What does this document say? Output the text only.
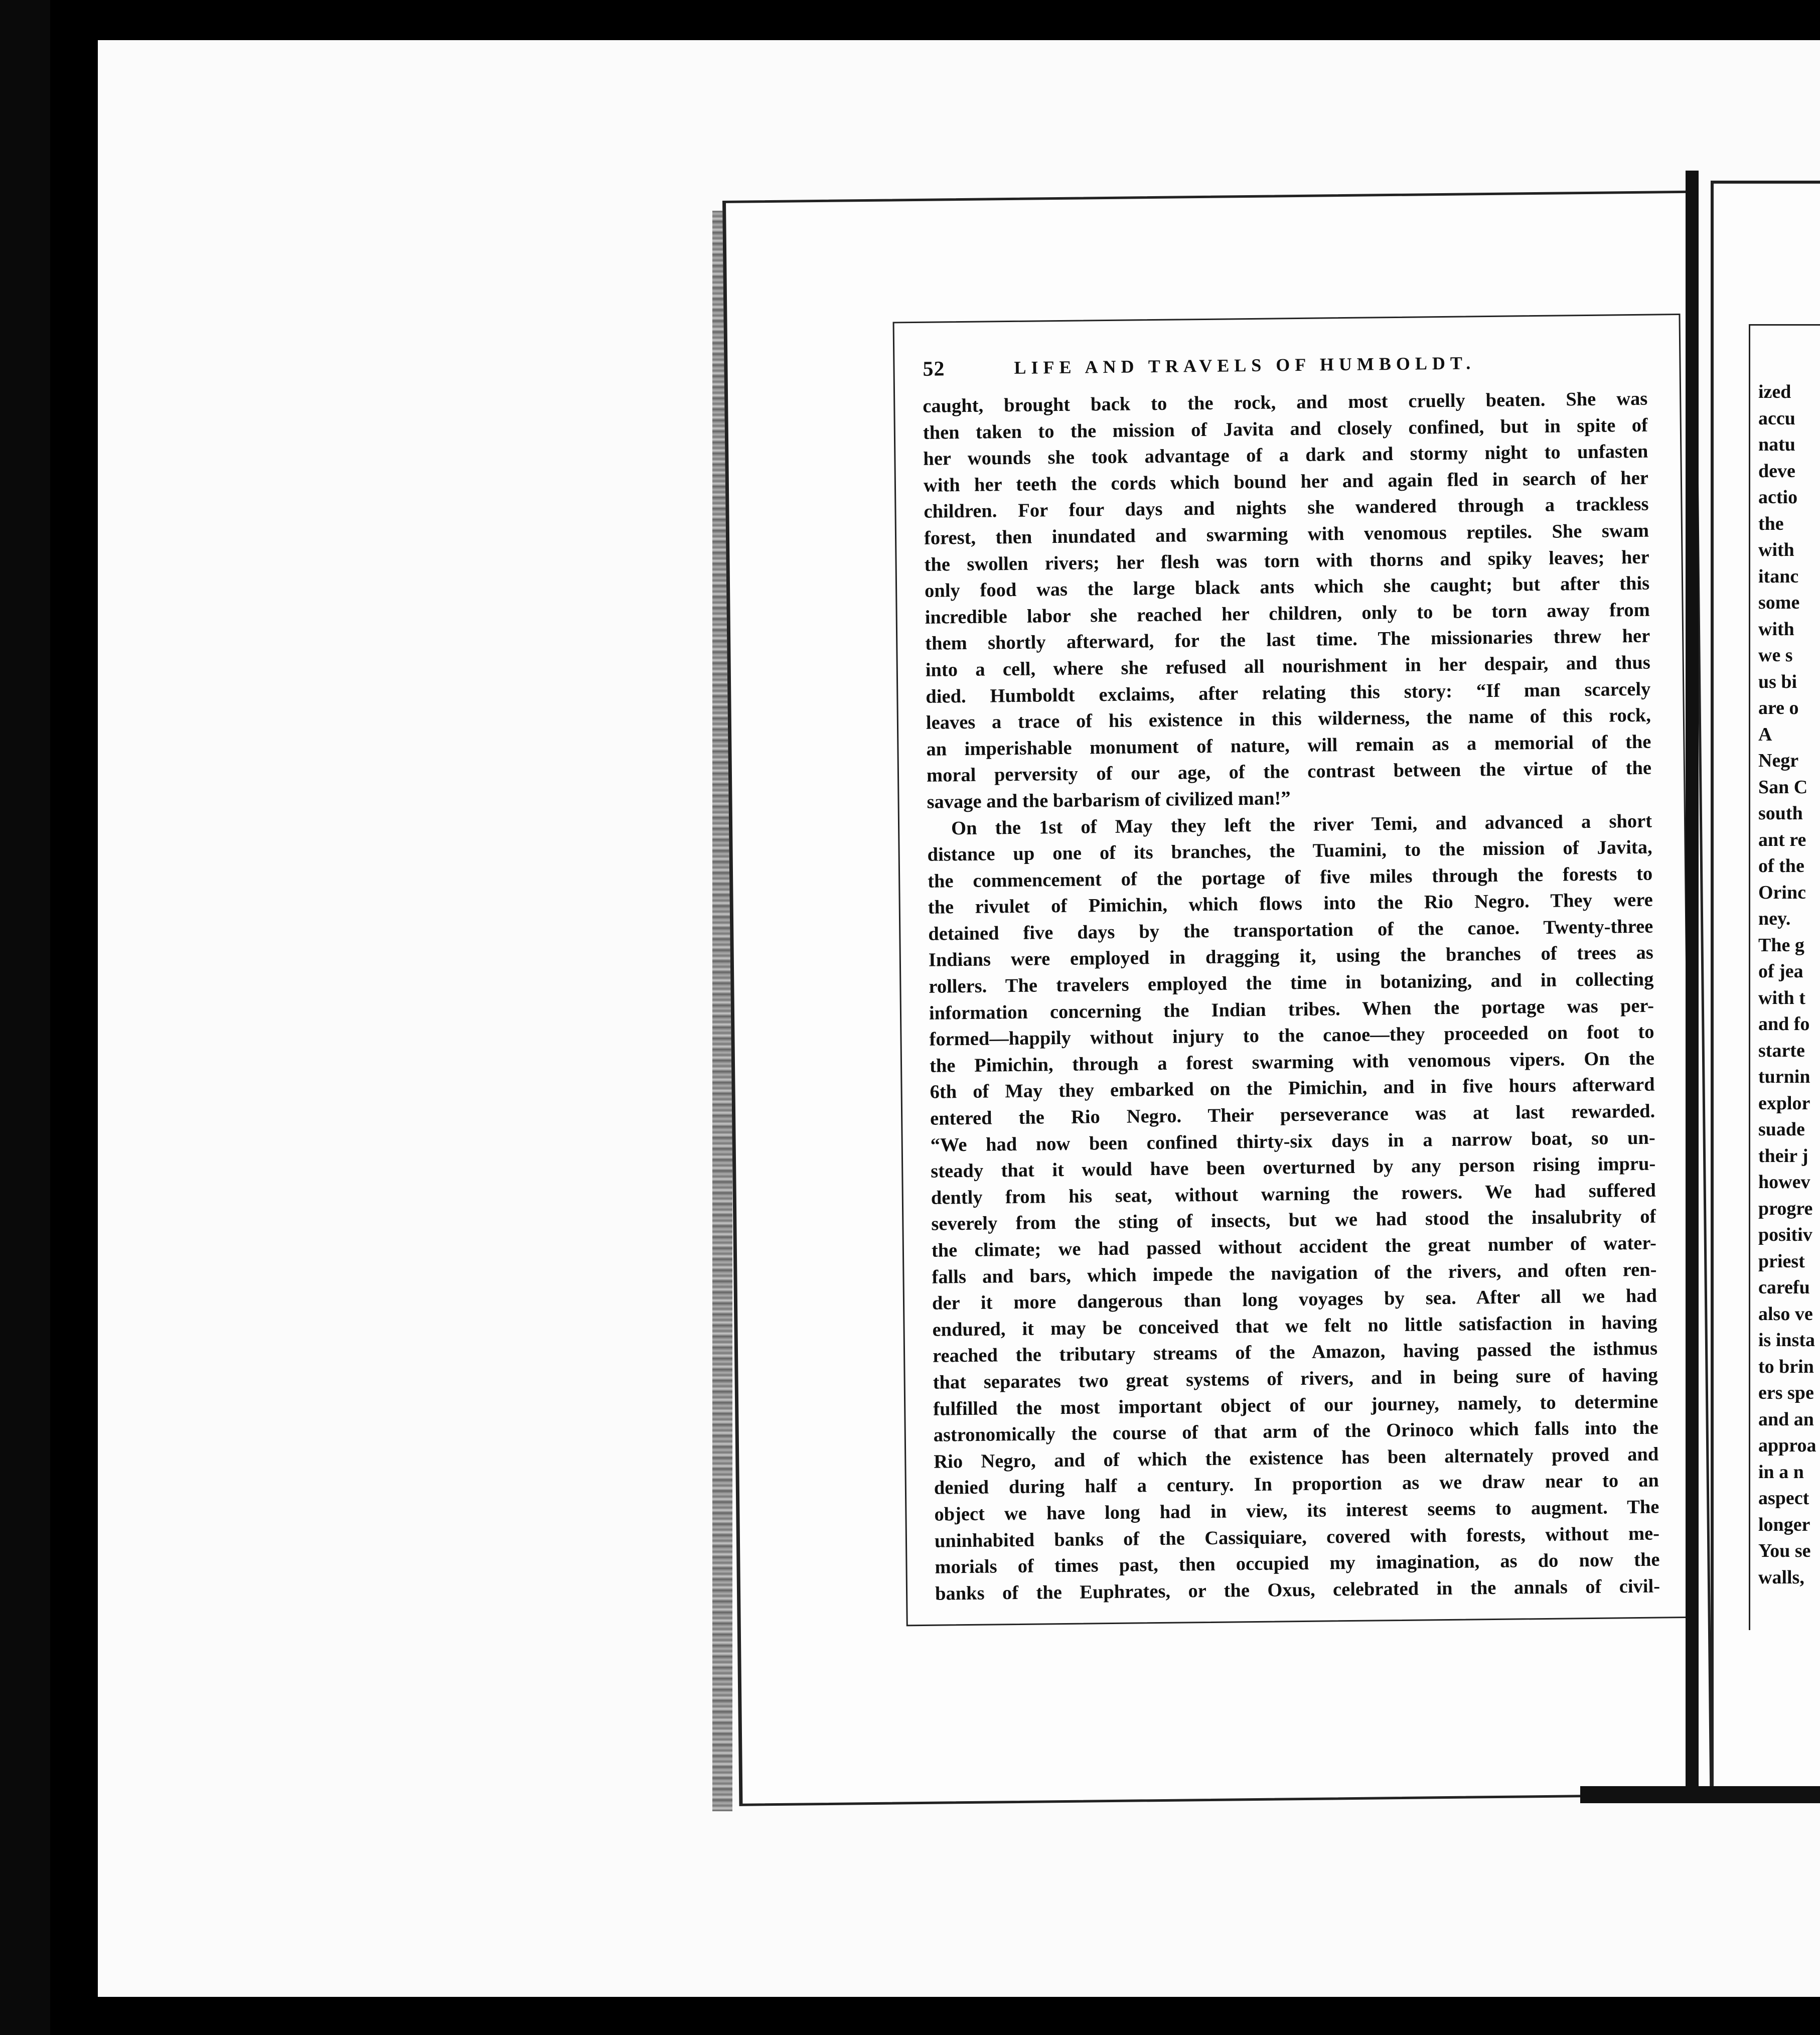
52	LIFE AND TRAVELS OF HUMBOLDT.
caught, brought back to the rock, and most cruelly beaten. She was
then taken to the mission of Javita and closely confined, but in spite of
her wounds she took advantage of a dark and stormy night to unfasten
with her teeth the cords which bound her and again fled in search of her
children. For four days and nights she wandered through a trackless
forest, then inundated and swarming with venomous reptiles. She swam
the swollen rivers; her flesh was torn with thorns and spiky leaves; her
only food was the large black ants which she caught; but after this
incredible labor she reached her children, only to be torn away from
them shortly afterward, for the last time. The missionaries threw her
into a cell, where she refused all nourishment in her despair, and thus
died. Humboldt exclaims, after relating this story: “If man scarcely
leaves a trace of his existence in this wilderness, the name of this rock,
an imperishable monument of nature, will remain as a memorial of the
moral perversity of our age, of the contrast between the virtue of the
savage and the barbarism of civilized man!”
On the 1st of May they left the river Temi, and advanced a short
distance up one of its branches, the Tuamini, to the mission of Javita,
the commencement of the portage of five miles through the forests to
the rivulet of Pimichin, which flows into the Rio Negro. They were
detained five days by the transportation of the canoe. Twenty-three
Indians were employed in dragging it, using the branches of trees as
rollers. The travelers employed the time in botanizing, and in collecting
information concerning the Indian tribes. When the portage was per-
formed—happily without injury to the canoe—they proceeded on foot to
the Pimichin, through a forest swarming with venomous vipers. On the
6th of May they embarked on the Pimichin, and in five hours afterward
entered the Rio Negro. Their perseverance was at last rewarded.
“We had now been confined thirty-six days in a narrow boat, so un-
steady that it would have been overturned by any person rising impru-
dently from his seat, without warning the rowers. We had suffered
severely from the sting of insects, but we had stood the insalubrity of
the climate; we had passed without accident the great number of water-
falls and bars, which impede the navigation of the rivers, and often ren-
der it more dangerous than long voyages by sea. After all we had
endured, it may be conceived that we felt no little satisfaction in having
reached the tributary streams of the Amazon, having passed the isthmus
that separates two great systems of rivers, and in being sure of having
fulfilled the most important object of our journey, namely, to determine
astronomically the course of that arm of the Orinoco which falls into the
Rio Negro, and of which the existence has been alternately proved and
denied during half a century. In proportion as we draw near to an
object we have long had in view, its interest seems to augment. The
uninhabited banks of the Cassiquiare, covered with forests, without me-
morials of times past, then occupied my imagination, as do now the
banks of the Euphrates, or the Oxus, celebrated in the annals of civil-
ized
accu
natu
deve
actio
the
with
itanc
some
with
we s
us bi
are o
A
Negr
San C
south
ant re
of the
Orinc
ney.
The g
of jea
with t
and fo
starte
turnin
explor
suade
their j
howev
progre
positiv
priest
carefu
also ve
is insta
to brin
ers spe
and an
approa
in a n
aspect
longer
You se
walls,
